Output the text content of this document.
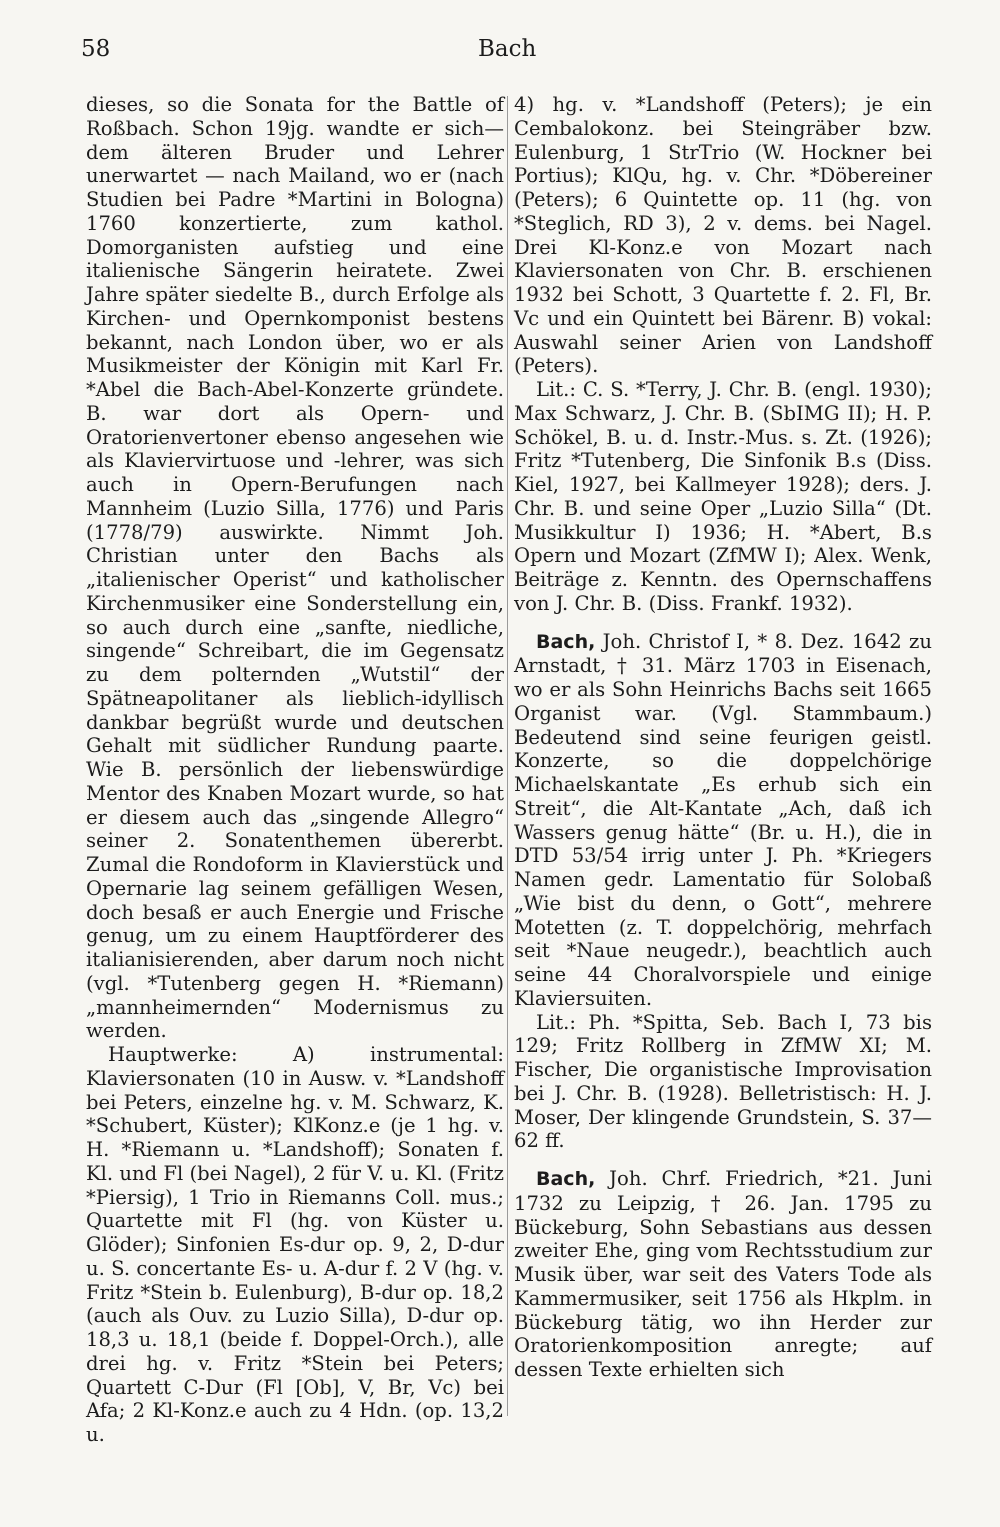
58	Bach

dieses, so die Sonata for the Battle of Roßbach. Schon 19jg. wandte er sich— dem älteren Bruder und Lehrer unerwartet — nach Mailand, wo er (nach Studien bei Padre *Martini in Bologna) 1760 konzertierte, zum kathol. Domorganisten aufstieg und eine italienische Sängerin heiratete. Zwei Jahre später siedelte B., durch Erfolge als Kirchen- und Opernkomponist bestens bekannt, nach London über, wo er als Musikmeister der Königin mit Karl Fr. *Abel die Bach-Abel-Konzerte gründete. B. war dort als Opern- und Oratorienvertoner ebenso angesehen wie als Klaviervirtuose und -lehrer, was sich auch in Opern-Berufungen nach Mannheim (Luzio Silla, 1776) und Paris (1778/79) auswirkte. Nimmt Joh. Christian unter den Bachs als „italienischer Operist“ und katholischer Kirchenmusiker eine Sonderstellung ein, so auch durch eine „sanfte, niedliche, singende“ Schreibart, die im Gegensatz zu dem polternden „Wutstil“ der Spätneapolitaner als lieblich-idyllisch dankbar begrüßt wurde und deutschen Gehalt mit südlicher Rundung paarte. Wie B. persönlich der liebenswürdige Mentor des Knaben Mozart wurde, so hat er diesem auch das „singende Allegro“ seiner 2. Sonatenthemen übererbt. Zumal die Rondoform in Klavierstück und Opernarie lag seinem gefälligen Wesen, doch besaß er auch Energie und Frische genug, um zu einem Hauptförderer des italianisierenden, aber darum noch nicht (vgl. *Tutenberg gegen H. *Riemann) „mannheimernden“ Modernismus zu werden.

Hauptwerke: A) instrumental: Klaviersonaten (10 in Ausw. v. *Landshoff bei Peters, einzelne hg. v. M. Schwarz, K. *Schubert, Küster); KlKonz.e (je 1 hg. v. H. *Riemann u. *Landshoff); Sonaten f. Kl. und Fl (bei Nagel), 2 für V. u. Kl. (Fritz *Piersig), 1 Trio in Riemanns Coll. mus.; Quartette mit Fl (hg. von Küster u. Glöder); Sinfonien Es-dur op. 9, 2, D-dur u. S. concertante Es- u. A-dur f. 2 V (hg. v. Fritz *Stein b. Eulenburg), B-dur op. 18,2 (auch als Ouv. zu Luzio Silla), D-dur op. 18,3 u. 18,1 (beide f. Doppel-Orch.), alle drei hg. v. Fritz *Stein bei Peters; Quartett C-Dur (Fl [Ob], V, Br, Vc) bei Afa; 2 Kl-Konz.e auch zu 4 Hdn. (op. 13,2 u.

4) hg. v. *Landshoff (Peters); je ein Cembalokonz. bei Steingräber bzw. Eulenburg, 1 StrTrio (W. Hockner bei Portius); KlQu, hg. v. Chr. *Döbereiner (Peters); 6 Quintette op. 11 (hg. von *Steglich, RD 3), 2 v. dems. bei Nagel. Drei Kl-Konz.e von Mozart nach Klaviersonaten von Chr. B. erschienen 1932 bei Schott, 3 Quartette f. 2. Fl, Br. Vc und ein Quintett bei Bärenr. B) vokal: Auswahl seiner Arien von Landshoff (Peters).

Lit.: C. S. *Terry, J. Chr. B. (engl. 1930); Max Schwarz, J. Chr. B. (SbIMG II); H. P. Schökel, B. u. d. Instr.-Mus. s. Zt. (1926); Fritz *Tutenberg, Die Sinfonik B.s (Diss. Kiel, 1927, bei Kallmeyer 1928); ders. J. Chr. B. und seine Oper „Luzio Silla“ (Dt. Musikkultur I) 1936; H. *Abert, B.s Opern und Mozart (ZfMW I); Alex. Wenk, Beiträge z. Kenntn. des Opernschaffens von J. Chr. B. (Diss. Frankf. 1932).

Bach, Joh. Christof I, * 8. Dez. 1642 zu Arnstadt, † 31. März 1703 in Eisenach, wo er als Sohn Heinrichs Bachs seit 1665 Organist war. (Vgl. Stammbaum.) Bedeutend sind seine feurigen geistl. Konzerte, so die doppelchörige Michaelskantate „Es erhub sich ein Streit“, die Alt-Kantate „Ach, daß ich Wassers genug hätte“ (Br. u. H.), die in DTD 53/54 irrig unter J. Ph. *Kriegers Namen gedr. Lamentatio für Solobaß „Wie bist du denn, o Gott“, mehrere Motetten (z. T. doppelchörig, mehrfach seit *Naue neugedr.), beachtlich auch seine 44 Choralvorspiele und einige Klaviersuiten.

Lit.: Ph. *Spitta, Seb. Bach I, 73 bis 129; Fritz Rollberg in ZfMW XI; M. Fischer, Die organistische Improvisation bei J. Chr. B. (1928). Belletristisch: H. J. Moser, Der klingende Grundstein, S. 37—62 ff.

Bach, Joh. Chrf. Friedrich, *21. Juni 1732 zu Leipzig, † 26. Jan. 1795 zu Bückeburg, Sohn Sebastians aus dessen zweiter Ehe, ging vom Rechtsstudium zur Musik über, war seit des Vaters Tode als Kammermusiker, seit 1756 als Hkplm. in Bückeburg tätig, wo ihn Herder zur Oratorienkomposition anregte; auf dessen Texte erhielten sich
